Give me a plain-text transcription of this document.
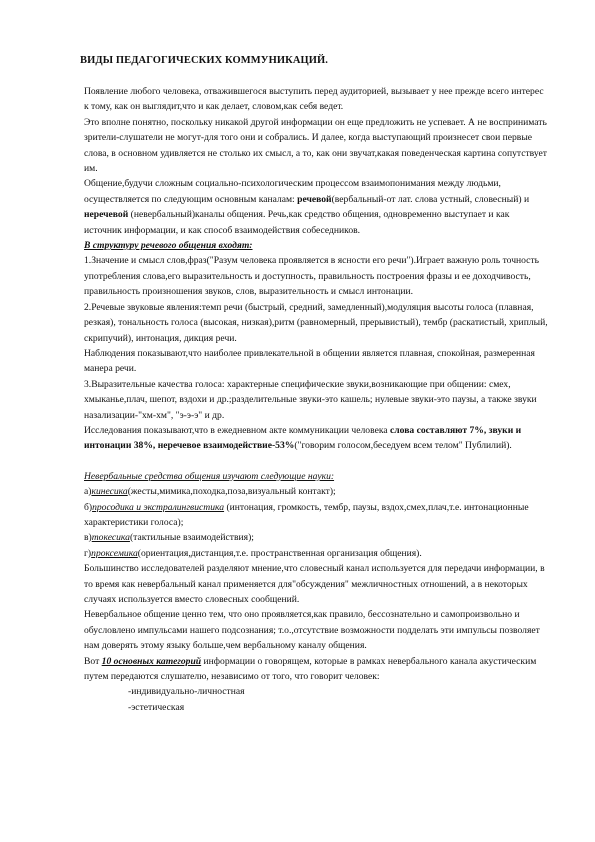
ВИДЫ ПЕДАГОГИЧЕСКИХ КОММУНИКАЦИЙ.

Появление любого человека, отважившегося выступить перед аудиторией, вызывает у нее прежде всего интерес к тому, как он выглядит,что и как делает, словом,как себя ведет.

Это вполне понятно, поскольку никакой другой информации он еще предложить не успевает. А не воспринимать зрители-слушатели не могут-для того они и собрались. И далее, когда выступающий произнесет свои первые слова, в основном удивляется не столько их смысл, а то, как они звучат,какая поведенческая картина сопутствует им.

Общение,будучи сложным социально-психологическим процессом взаимопонимания между людьми, осуществляется по следующим основным каналам: речевой(вербальный-от лат. слова устный, словесный) и неречевой (невербальный)каналы общения. Речь,как средство общения, одновременно выступает и как источник информации, и как способ взаимодействия собеседников.

В структуру речевого общения входят:

1.Значение и смысл слов,фраз("Разум человека проявляется в ясности его речи").Играет важную роль точность употребления слова,его выразительность и доступность, правильность построения фразы и ее доходчивость, правильность произношения звуков, слов, выразительность и смысл интонации.

2.Речевые звуковые явления:темп речи (быстрый, средний, замедленный),модуляция высоты голоса (плавная, резкая), тональность голоса (высокая, низкая),ритм (равномерный, прерывистый), тембр (раскатистый, хриплый, скрипучий), интонация, дикция речи.

Наблюдения показывают,что наиболее привлекательной в общении является плавная, спокойная, размеренная манера речи.

3.Выразительные качества голоса: характерные специфические звуки,возникающие при общении: смех, хмыканье,плач, шепот, вздохи и др.;разделительные звуки-это кашель; нулевые звуки-это паузы, а также звуки назализации-"хм-хм", "э-э-э" и др.

Исследования показывают,что в ежедневном акте коммуникации человека слова составляют 7%, звуки и интонации 38%, неречевое взаимодействие-53%("говорим голосом,беседуем всем телом" Публилий).

Невербальные средства общения изучают следующие науки:

а)кинесика(жесты,мимика,походка,поза,визуальный контакт);

б)просодика и экстралингвистика (интонация, громкость, тембр, паузы, вздох,смех,плач,т.е. интонационные характеристики голоса);

в)токесика(тактильные взаимодействия);

г)проксемика(ориентация,дистанция,т.е. пространственная организация общения).

Большинство исследователей разделяют мнение,что словесный канал используется для передачи информации, в то время как невербальный канал применяется для"обсуждения" межличностных отношений, а в некоторых случаях используется вместо словесных сообщений.

Невербальное общение ценно тем, что оно проявляется,как правило, бессознательно и самопроизвольно и обусловлено импульсами нашего подсознания; т.о.,отсутствие возможности подделать эти импульсы позволяет нам доверять этому языку больше,чем вербальному каналу общения.

Вот 10 основных категорий информации о говорящем, которые в рамках невербального канала акустическим путем передаются слушателю, независимо от того, что говорит человек:

-индивидуально-личностная

-эстетическая
